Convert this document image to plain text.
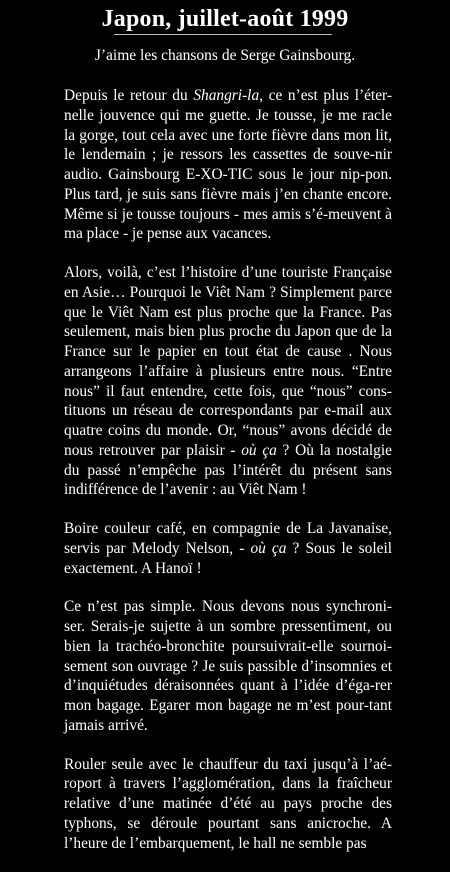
Japon, juillet-août 1999
J’aime les chansons de Serge Gainsbourg.

Depuis le retour du Shangri-la, ce n’est plus l’éter-nelle jouvence qui me guette. Je tousse, je me racle la gorge, tout cela avec une forte fièvre dans mon lit, le lendemain ; je ressors les cassettes de souve-nir audio. Gainsbourg E-XO-TIC sous le jour nip-pon. Plus tard, je suis sans fièvre mais j’en chante encore. Même si je tousse toujours - mes amis s’é-meuvent à ma place - je pense aux vacances.

Alors, voilà, c’est l’histoire d’une touriste Française en Asie… Pourquoi le Viêt Nam ? Simplement parce que le Viêt Nam est plus proche que la France. Pas seulement, mais bien plus proche du Japon que de la France sur le papier en tout état de cause . Nous arrangeons l’affaire à plusieurs entre nous. “Entre nous” il faut entendre, cette fois, que “nous” cons-tituons un réseau de correspondants par e-mail aux quatre coins du monde. Or, “nous” avons décidé de nous retrouver par plaisir - où ça ? Où la nostalgie du passé n’empêche pas l’intérêt du présent sans indifférence de l’avenir : au Viêt Nam !

Boire couleur café, en compagnie de La Javanaise, servis par Melody Nelson, - où ça ? Sous le soleil exactement. A Hanoï !

Ce n’est pas simple. Nous devons nous synchroni-ser. Serais-je sujette à un sombre pressentiment, ou bien la trachéo-bronchite poursuivrait-elle sournoi-sement son ouvrage ? Je suis passible d’insomnies et d’inquiétudes déraisonnées quant à l’idée d’éga-rer mon bagage. Egarer mon bagage ne m’est pour-tant jamais arrivé.

Rouler seule avec le chauffeur du taxi jusqu’à l’aé-roport à travers l’agglomération, dans la fraîcheur relative d’une matinée d’été au pays proche des typhons, se déroule pourtant sans anicroche. A l’heure de l’embarquement, le hall ne semble pas
